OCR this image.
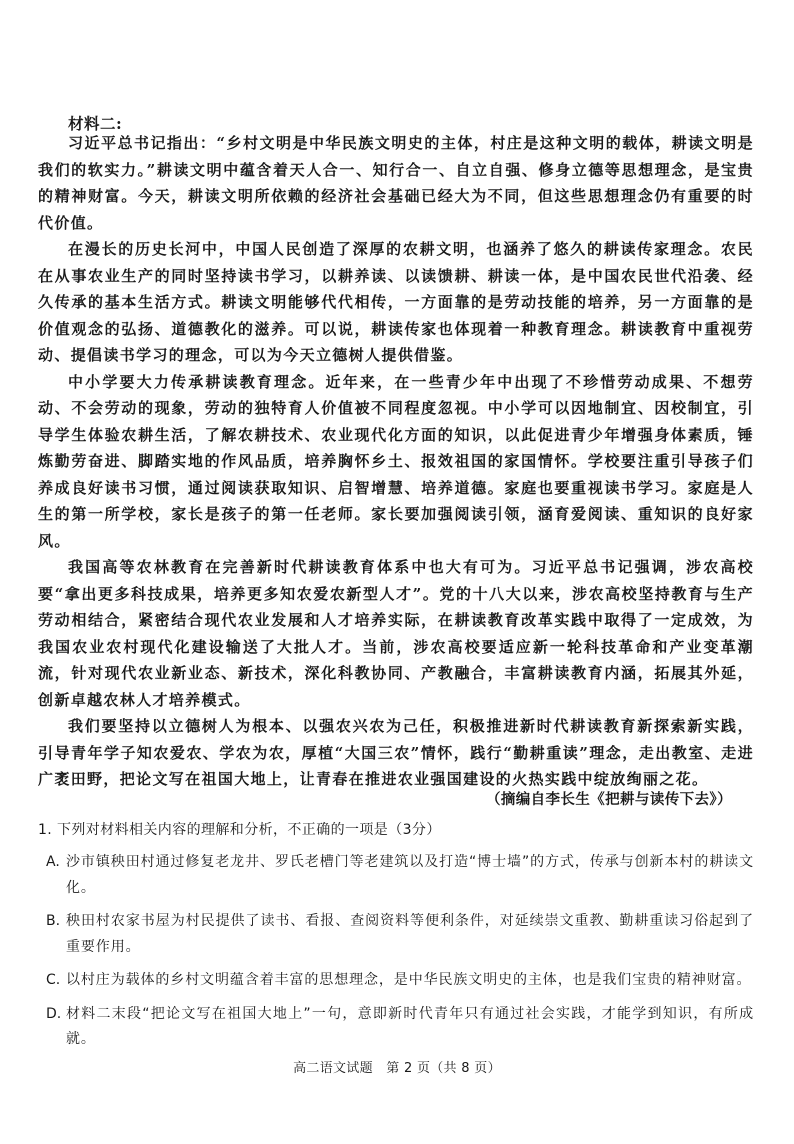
材料二:

习近平总书记指出：“乡村文明是中华民族文明史的主体，村庄是这种文明的载体，耕读文明是我们的软实力。”耕读文明中蕴含着天人合一、知行合一、自立自强、修身立德等思想理念，是宝贵的精神财富。今天，耕读文明所依赖的经济社会基础已经大为不同，但这些思想理念仍有重要的时代价值。

在漫长的历史长河中，中国人民创造了深厚的农耕文明，也涵养了悠久的耕读传家理念。农民在从事农业生产的同时坚持读书学习，以耕养读、以读馈耕、耕读一体，是中国农民世代沿袭、经久传承的基本生活方式。耕读文明能够代代相传，一方面靠的是劳动技能的培养，另一方面靠的是价值观念的弘扬、道德教化的滋养。可以说，耕读传家也体现着一种教育理念。耕读教育中重视劳动、提倡读书学习的理念，可以为今天立德树人提供借鉴。

中小学要大力传承耕读教育理念。近年来，在一些青少年中出现了不珍惜劳动成果、不想劳动、不会劳动的现象，劳动的独特育人价值被不同程度忽视。中小学可以因地制宜、因校制宜，引导学生体验农耕生活，了解农耕技术、农业现代化方面的知识，以此促进青少年增强身体素质，锤炼勤劳奋进、脚踏实地的作风品质，培养胸怀乡土、报效祖国的家国情怀。学校要注重引导孩子们养成良好读书习惯，通过阅读获取知识、启智增慧、培养道德。家庭也要重视读书学习。家庭是人生的第一所学校，家长是孩子的第一任老师。家长要加强阅读引领，涵育爱阅读、重知识的良好家风。

我国高等农林教育在完善新时代耕读教育体系中也大有可为。习近平总书记强调，涉农高校要“拿出更多科技成果，培养更多知农爱农新型人才”。党的十八大以来，涉农高校坚持教育与生产劳动相结合，紧密结合现代农业发展和人才培养实际，在耕读教育改革实践中取得了一定成效，为我国农业农村现代化建设输送了大批人才。当前，涉农高校要适应新一轮科技革命和产业变革潮流，针对现代农业新业态、新技术，深化科教协同、产教融合，丰富耕读教育内涵，拓展其外延，创新卓越农林人才培养模式。

我们要坚持以立德树人为根本、以强农兴农为己任，积极推进新时代耕读教育新探索新实践，引导青年学子知农爱农、学农为农，厚植“大国三农”情怀，践行“勤耕重读”理念，走出教室、走进广袤田野，把论文写在祖国大地上，让青春在推进农业强国建设的火热实践中绽放绚丽之花。

（摘编自李长生《把耕与读传下去》）
1. 下列对材料相关内容的理解和分析，不正确的一项是（3分）
A. 沙市镇秧田村通过修复老龙井、罗氏老槽门等老建筑以及打造“博士墙”的方式，传承与创新本村的耕读文化。
B. 秧田村农家书屋为村民提供了读书、看报、查阅资料等便利条件，对延续崇文重教、勤耕重读习俗起到了重要作用。
C. 以村庄为载体的乡村文明蕴含着丰富的思想理念，是中华民族文明史的主体，也是我们宝贵的精神财富。
D. 材料二末段“把论文写在祖国大地上”一句，意即新时代青年只有通过社会实践，才能学到知识，有所成就。
高二语文试题　第 2 页（共 8 页）
